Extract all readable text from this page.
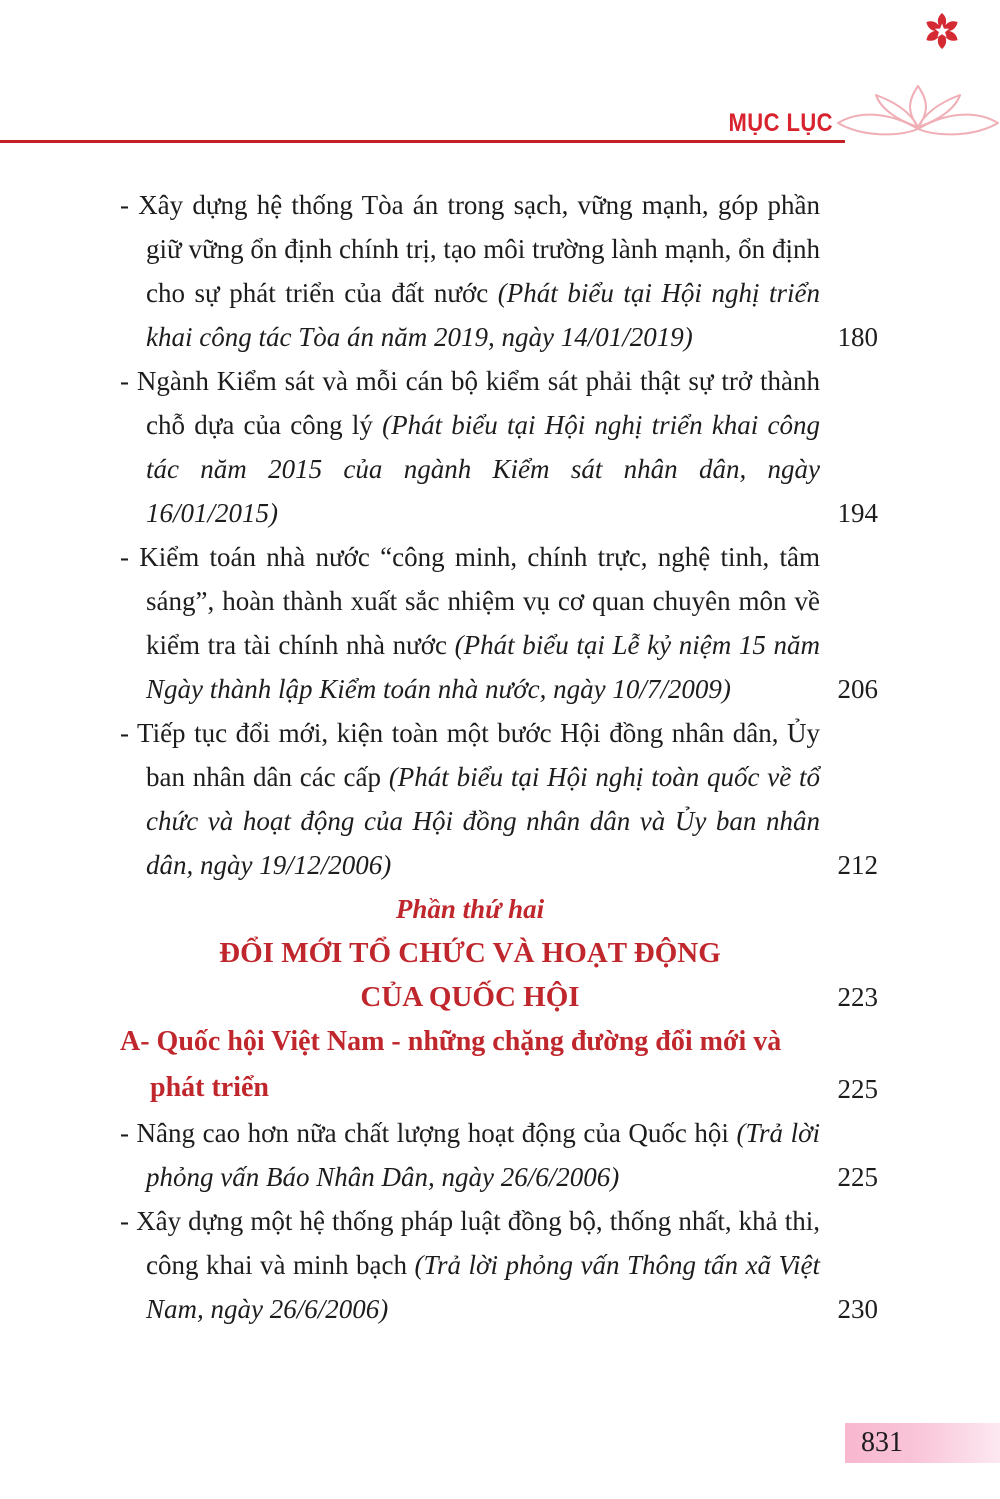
MỤC LỤC

- Xây dựng hệ thống Tòa án trong sạch, vững mạnh, góp phần giữ vững ổn định chính trị, tạo môi trường lành mạnh, ổn định cho sự phát triển của đất nước (Phát biểu tại Hội nghị triển khai công tác Tòa án năm 2019, ngày 14/01/2019)	180

- Ngành Kiểm sát và mỗi cán bộ kiểm sát phải thật sự trở thành chỗ dựa của công lý (Phát biểu tại Hội nghị triển khai công tác năm 2015 của ngành Kiểm sát nhân dân, ngày 16/01/2015)	194

- Kiểm toán nhà nước “công minh, chính trực, nghệ tinh, tâm sáng”, hoàn thành xuất sắc nhiệm vụ cơ quan chuyên môn về kiểm tra tài chính nhà nước (Phát biểu tại Lễ kỷ niệm 15 năm Ngày thành lập Kiểm toán nhà nước, ngày 10/7/2009)	206

- Tiếp tục đổi mới, kiện toàn một bước Hội đồng nhân dân, Ủy ban nhân dân các cấp (Phát biểu tại Hội nghị toàn quốc về tổ chức và hoạt động của Hội đồng nhân dân và Ủy ban nhân dân, ngày 19/12/2006)	212
Phần thứ hai
ĐỔI MỚI TỔ CHỨC VÀ HOẠT ĐỘNG
CỦA QUỐC HỘI	223

A- Quốc hội Việt Nam - những chặng đường đổi mới và phát triển	225

- Nâng cao hơn nữa chất lượng hoạt động của Quốc hội (Trả lời phỏng vấn Báo Nhân Dân, ngày 26/6/2006)	225

- Xây dựng một hệ thống pháp luật đồng bộ, thống nhất, khả thi, công khai và minh bạch (Trả lời phỏng vấn Thông tấn xã Việt Nam, ngày 26/6/2006)	230
831
